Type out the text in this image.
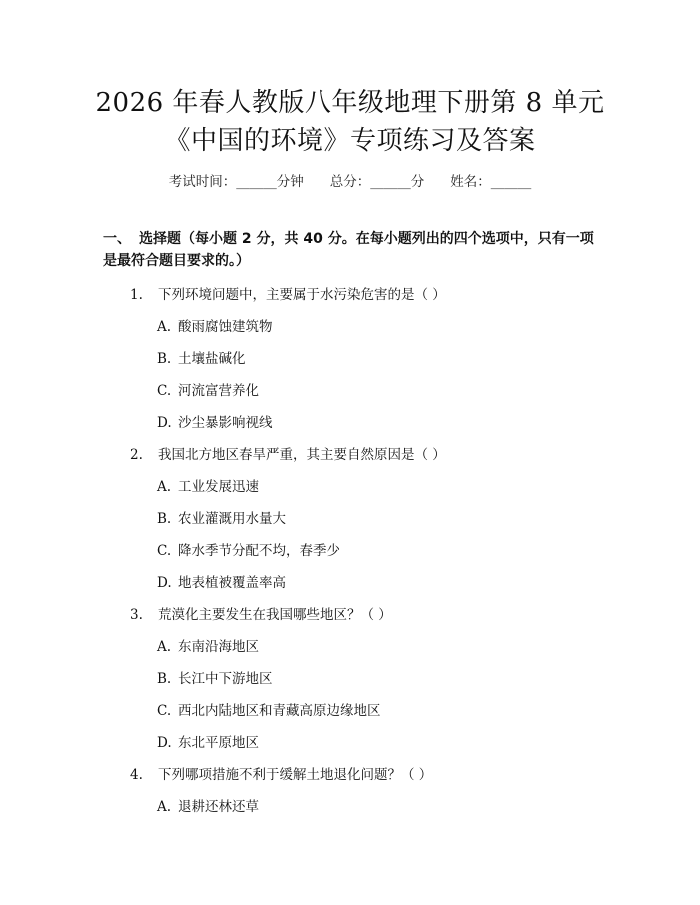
2026 年春人教版八年级地理下册第 8 单元
《中国的环境》专项练习及答案
考试时间：______分钟 总分：______分 姓名：______
一、 选择题（每小题 2 分，共 40 分。在每小题列出的四个选项中，只有一项是最符合题目要求的。）
1. 下列环境问题中，主要属于水污染危害的是（ ）
A. 酸雨腐蚀建筑物
B. 土壤盐碱化
C. 河流富营养化
D. 沙尘暴影响视线
2. 我国北方地区春旱严重，其主要自然原因是（ ）
A. 工业发展迅速
B. 农业灌溉用水量大
C. 降水季节分配不均，春季少
D. 地表植被覆盖率高
3. 荒漠化主要发生在我国哪些地区？（ ）
A. 东南沿海地区
B. 长江中下游地区
C. 西北内陆地区和青藏高原边缘地区
D. 东北平原地区
4. 下列哪项措施不利于缓解土地退化问题？（ ）
A. 退耕还林还草
